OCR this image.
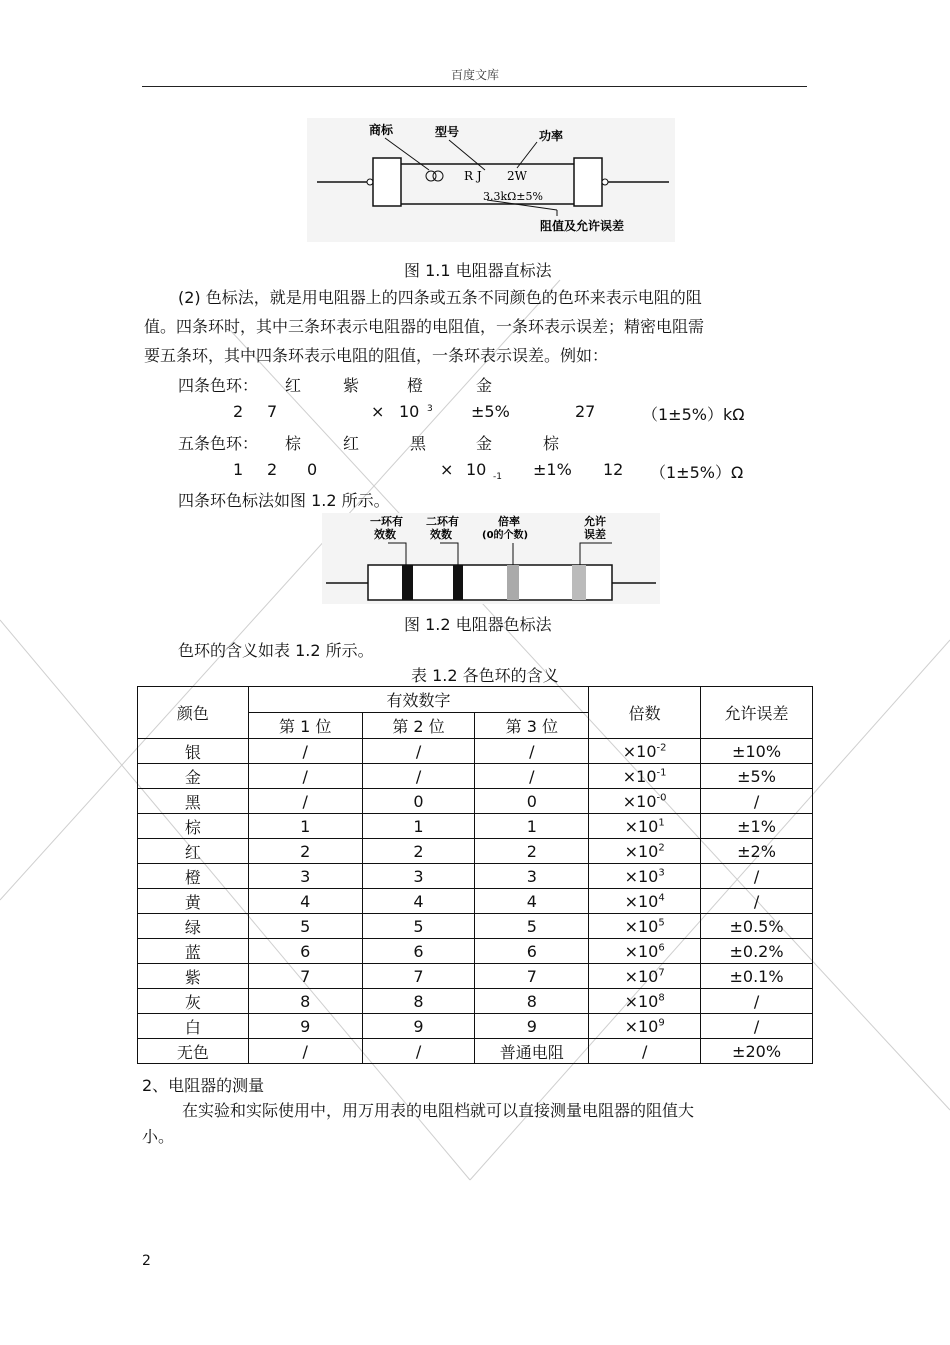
百度文库
商标	型号	功率
R J 2W
3.3kΩ±5%
阻值及允许误差
图 1.1 电阻器直标法
(2) 色标法，就是用电阻器上的四条或五条不同颜色的色环来表示电阻的阻
值。四条环时，其中三条环表示电阻器的电阻值，一条环表示误差；精密电阻需
要五条环，其中四条环表示电阻的阻值，一条环表示误差。例如：
四条色环： 红	紫	橙	金
2 7	× 10 3	±5%	27	（1±5%）kΩ
五条色环： 棕	红	黑	金	棕
1 2 0	× 10 -1	±1% 12 （1±5%）Ω
四条环色标法如图 1.2 所示。
一环有
效数
二环有
效数
倍率
(0的个数)
允许
误差
图 1.2 电阻器色标法
色环的含义如表 1.2 所示。
表 1.2 各色环的含义
颜色	有效数字			倍数	允许误差
	第 1 位	第 2 位	第 3 位		
银	/	/	/	$\times 10^{-2}$	±10%
金	/	/	/	$\times 10^{-1}$	±5%
黑	/	0	0	$\times 10^{-0}$	/
棕	1	1	1	$\times 10^1$	±1%
红	2	2	2	$\times 10^2$	±2%
橙	3	3	3	$\times 10^3$	/
黄	4	4	4	$\times 10^4$	/
绿	5	5	5	$\times 10^5$	±0.5%
蓝	6	6	6	$\times 10^6$	±0.2%
紫	7	7	7	$\times 10^7$	±0.1%
灰	8	8	8	$\times 10^8$	/
白	9	9	9	$\times 10^9$	/
无色	/	/	普通电阻	/	±20%
2、电阻器的测量
在实验和实际使用中，用万用表的电阻档就可以直接测量电阻器的阻值大
小。
2
